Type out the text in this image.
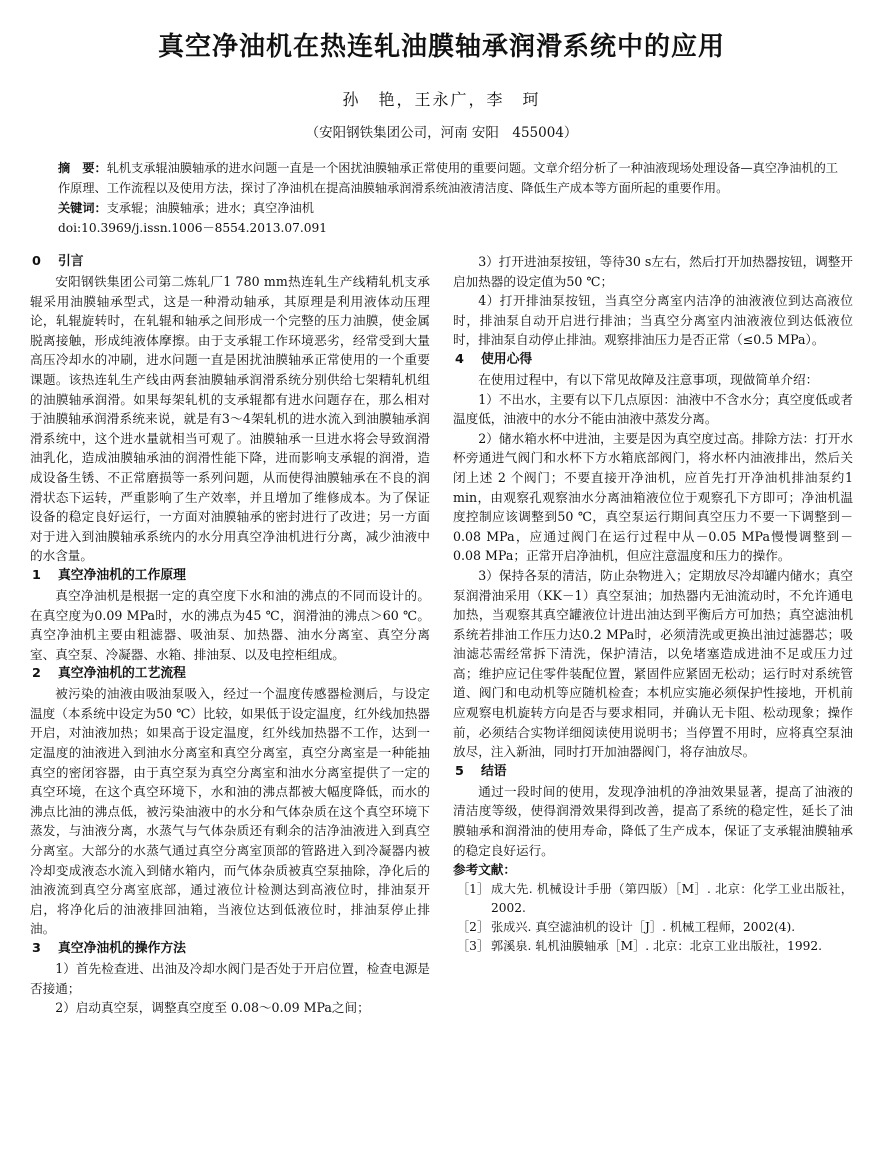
真空净油机在热连轧油膜轴承润滑系统中的应用
孙　艳，王永广，李　珂
（安阳钢铁集团公司，河南 安阳　455004）

摘　要：轧机支承辊油膜轴承的进水问题一直是一个困扰油膜轴承正常使用的重要问题。文章介绍分析了一种油液现场处理设备—真空净油机的工作原理、工作流程以及使用方法，探讨了净油机在提高油膜轴承润滑系统油液清洁度、降低生产成本等方面所起的重要作用。

关键词：支承辊；油膜轴承；进水；真空净油机

doi:10.3969/j.issn.1006－8554.2013.07.091

0 引言

安阳钢铁集团公司第二炼轧厂1 780 mm热连轧生产线精轧机支承辊采用油膜轴承型式，这是一种滑动轴承，其原理是利用液体动压理论，轧辊旋转时，在轧辊和轴承之间形成一个完整的压力油膜，使金属脱离接触，形成纯液体摩擦。由于支承辊工作环境恶劣，经常受到大量高压冷却水的冲刷，进水问题一直是困扰油膜轴承正常使用的一个重要课题。该热连轧生产线由两套油膜轴承润滑系统分别供给七架精轧机组的油膜轴承润滑。如果每架轧机的支承辊都有进水问题存在，那么相对于油膜轴承润滑系统来说，就是有3～4架轧机的进水流入到油膜轴承润滑系统中，这个进水量就相当可观了。油膜轴承一旦进水将会导致润滑油乳化，造成油膜轴承油的润滑性能下降，进而影响支承辊的润滑，造成设备生锈、不正常磨损等一系列问题，从而使得油膜轴承在不良的润滑状态下运转，严重影响了生产效率，并且增加了维修成本。为了保证设备的稳定良好运行，一方面对油膜轴承的密封进行了改进；另一方面对于进入到油膜轴承系统内的水分用真空净油机进行分离，减少油液中的水含量。

1 真空净油机的工作原理

真空净油机是根据一定的真空度下水和油的沸点的不同而设计的。在真空度为0.09 MPa时，水的沸点为45 ℃，润滑油的沸点＞60 ℃。真空净油机主要由粗滤器、吸油泵、加热器、油水分离室、真空分离室、真空泵、冷凝器、水箱、排油泵、以及电控柜组成。

2 真空净油机的工艺流程

被污染的油液由吸油泵吸入，经过一个温度传感器检测后，与设定温度（本系统中设定为50 ℃）比较，如果低于设定温度，红外线加热器开启，对油液加热；如果高于设定温度，红外线加热器不工作，达到一定温度的油液进入到油水分离室和真空分离室，真空分离室是一种能抽真空的密闭容器，由于真空泵为真空分离室和油水分离室提供了一定的真空环境，在这个真空环境下，水和油的沸点都被大幅度降低，而水的沸点比油的沸点低，被污染油液中的水分和气体杂质在这个真空环境下蒸发，与油液分离，水蒸气与气体杂质还有剩余的洁净油液进入到真空分离室。大部分的水蒸气通过真空分离室顶部的管路进入到冷凝器内被冷却变成液态水流入到储水箱内，而气体杂质被真空泵抽除，净化后的油液流到真空分离室底部，通过液位计检测达到高液位时，排油泵开启，将净化后的油液排回油箱，当液位达到低液位时，排油泵停止排油。

3 真空净油机的操作方法

1）首先检查进、出油及冷却水阀门是否处于开启位置，检查电源是否接通；

2）启动真空泵，调整真空度至 0.08～0.09 MPa之间；

3）打开进油泵按钮，等待30 s左右，然后打开加热器按钮，调整开启加热器的设定值为50 ℃；

4）打开排油泵按钮，当真空分离室内洁净的油液液位到达高液位时，排油泵自动开启进行排油；当真空分离室内油液液位到达低液位时，排油泵自动停止排油。观察排油压力是否正常（≤0.5 MPa）。

4 使用心得

在使用过程中，有以下常见故障及注意事项，现做简单介绍：

1）不出水，主要有以下几点原因：油液中不含水分；真空度低或者温度低，油液中的水分不能由油液中蒸发分离。

2）储水箱水杯中进油，主要是因为真空度过高。排除方法：打开水杯旁通进气阀门和水杯下方水箱底部阀门，将水杯内油液排出，然后关闭上述 2 个阀门；不要直接开净油机，应首先打开净油机排油泵约1 min，由观察孔观察油水分离油箱液位位于观察孔下方即可；净油机温度控制应该调整到50 ℃，真空泵运行期间真空压力不要一下调整到－0.08 MPa，应通过阀门在运行过程中从－0.05 MPa慢慢调整到－0.08 MPa；正常开启净油机，但应注意温度和压力的操作。

3）保持各泵的清洁，防止杂物进入；定期放尽冷却罐内储水；真空泵润滑油采用（KK－1）真空泵油；加热器内无油流动时，不允许通电加热，当观察其真空罐液位计进出油达到平衡后方可加热；真空滤油机系统若排油工作压力达0.2 MPa时，必须清洗或更换出油过滤器芯；吸油滤芯需经常拆下清洗，保护清洁，以免堵塞造成进油不足或压力过高；维护应记住零件装配位置，紧固件应紧固无松动；运行时对系统管道、阀门和电动机等应随机检查；本机应实施必须保护性接地，开机前应观察电机旋转方向是否与要求相同，并确认无卡阻、松动现象；操作前，必须结合实物详细阅读使用说明书；当停置不用时，应将真空泵油放尽，注入新油，同时打开加油器阀门，将存油放尽。

5 结语

通过一段时间的使用，发现净油机的净油效果显著，提高了油液的清洁度等级，使得润滑效果得到改善，提高了系统的稳定性，延长了油膜轴承和润滑油的使用寿命，降低了生产成本，保证了支承辊油膜轴承的稳定良好运行。

参考文献：
［1］ 成大先. 机械设计手册（第四版）［M］. 北京：化学工业出版社，2002.
［2］ 张成兴. 真空滤油机的设计［J］. 机械工程师，2002(4).
［3］ 郭溪泉. 轧机油膜轴承［M］. 北京：北京工业出版社，1992.
